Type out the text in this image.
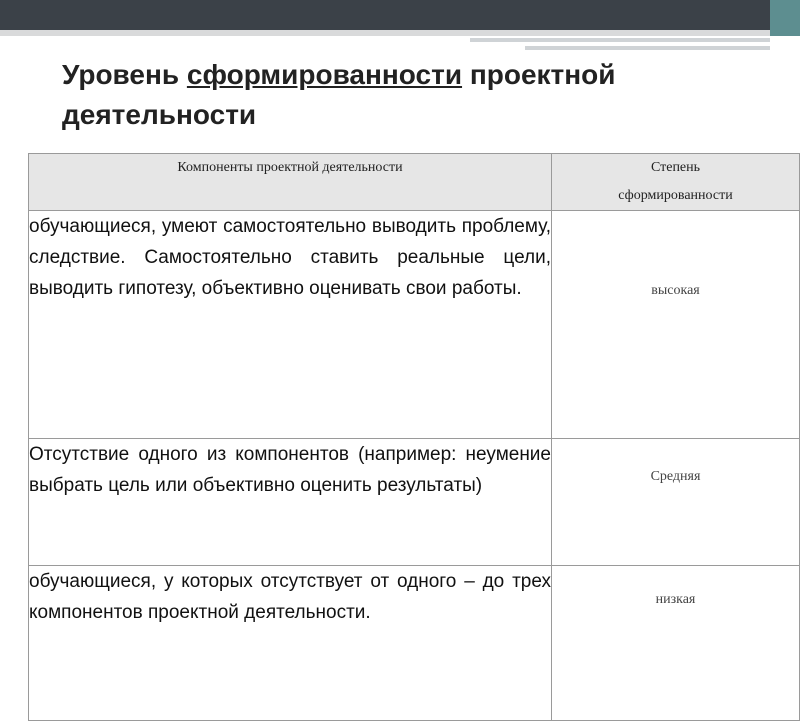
Уровень сформированности проектной
деятельности
Компоненты проектной деятельности	Степень
сформированности
обучающиеся, умеют самостоятельно выводить проблему, следствие. Самостоятельно ставить реальные цели, выводить гипотезу, объективно оценивать свои работы.	высокая
Отсутствие одного из компонентов (например: неумение выбрать цель или объективно оценить результаты)	Средняя
обучающиеся, у которых отсутствует от одного – до трех компонентов проектной деятельности.	низкая
